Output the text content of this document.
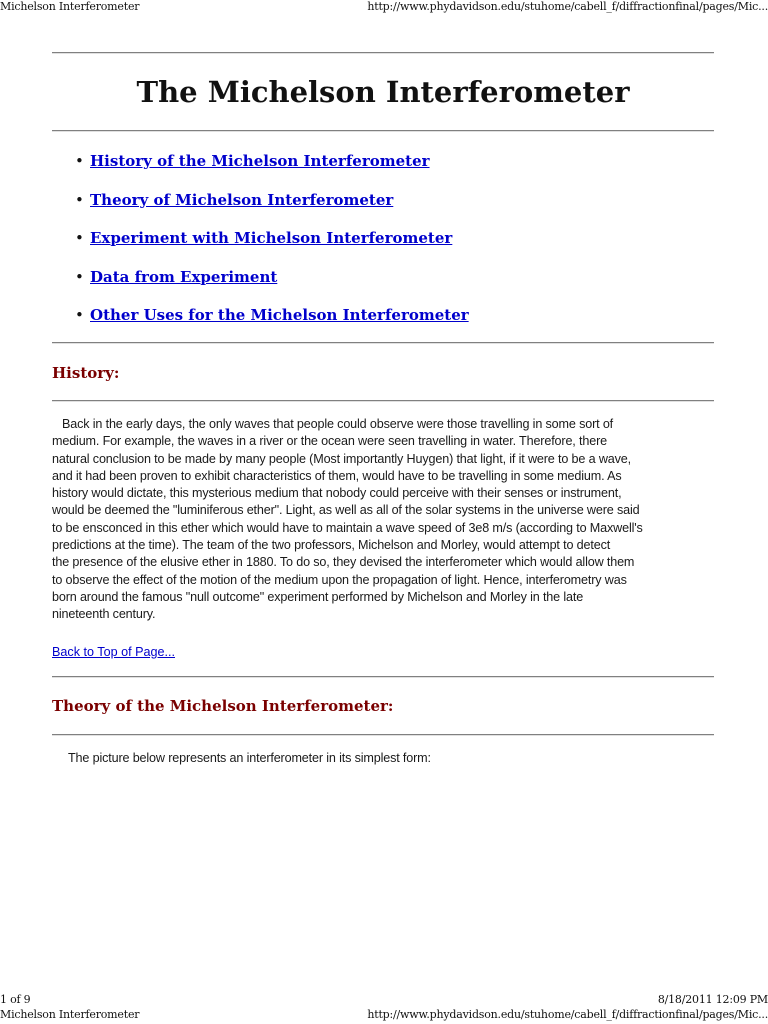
Michelson Interferometer	http://www.phydavidson.edu/stuhome/cabell_f/diffractionfinal/pages/Mic...
The Michelson Interferometer
• History of the Michelson Interferometer
• Theory of Michelson Interferometer
• Experiment with Michelson Interferometer
• Data from Experiment
• Other Uses for the Michelson Interferometer
History:

Back in the early days, the only waves that people could observe were those travelling in some sort of
medium. For example, the waves in a river or the ocean were seen travelling in water. Therefore, there
natural conclusion to be made by many people (Most importantly Huygen) that light, if it were to be a wave,
and it had been proven to exhibit characteristics of them, would have to be travelling in some medium. As
history would dictate, this mysterious medium that nobody could perceive with their senses or instrument,
would be deemed the "luminiferous ether". Light, as well as all of the solar systems in the universe were said
to be ensconced in this ether which would have to maintain a wave speed of 3e8 m/s (according to Maxwell's
predictions at the time). The team of the two professors, Michelson and Morley, would attempt to detect
the presence of the elusive ether in 1880. To do so, they devised the interferometer which would allow them
to observe the effect of the motion of the medium upon the propagation of light. Hence, interferometry was
born around the famous "null outcome" experiment performed by Michelson and Morley in the late
nineteenth century.

Back to Top of Page...
Theory of the Michelson Interferometer:

The picture below represents an interferometer in its simplest form:

1 of 9	8/18/2011 12:09 PM
Michelson Interferometer	http://www.phydavidson.edu/stuhome/cabell_f/diffractionfinal/pages/Mic...
